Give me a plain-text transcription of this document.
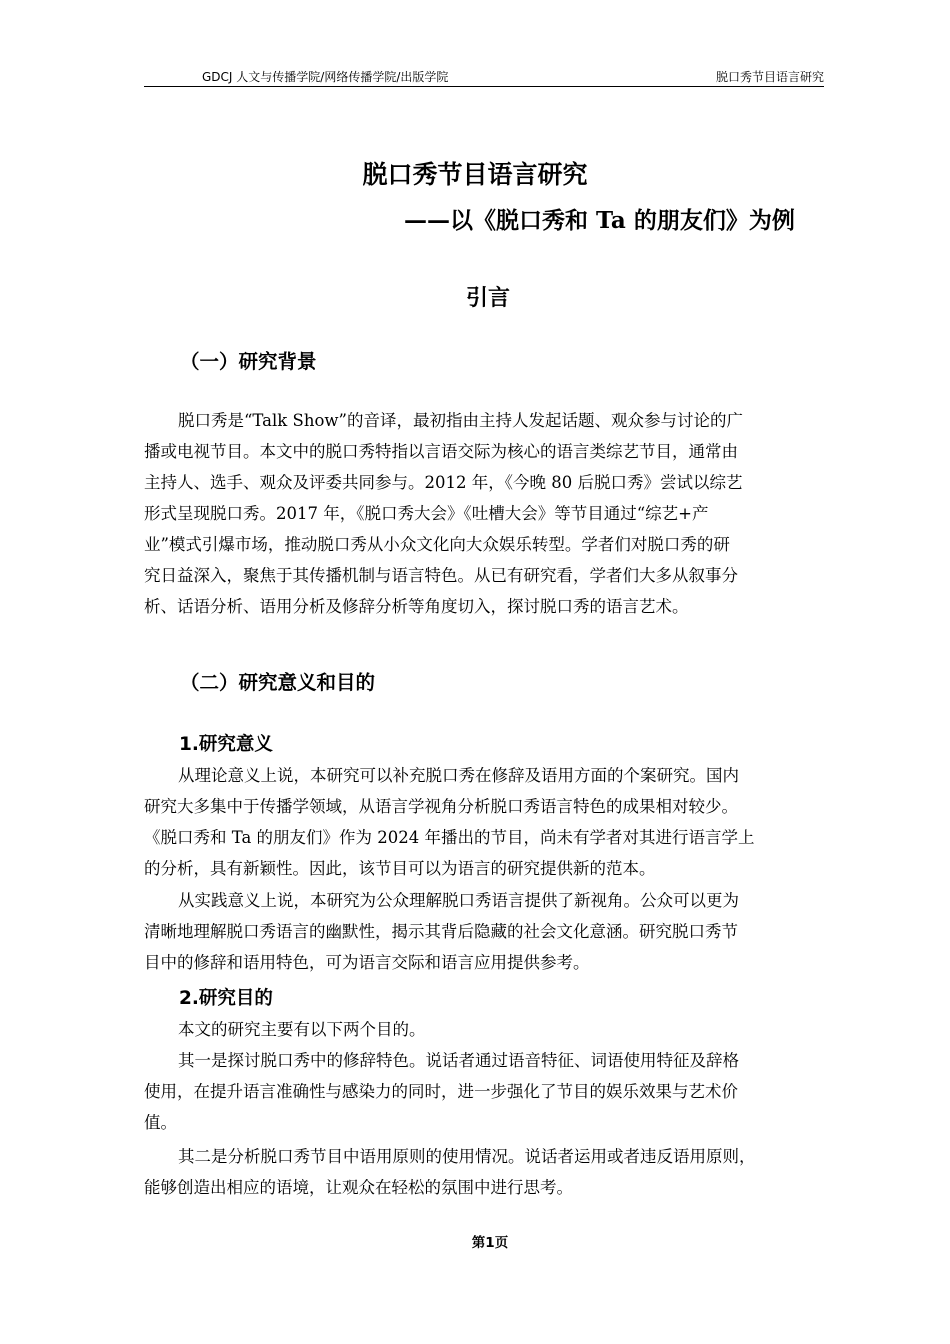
GDCJ 人文与传播学院/网络传播学院/出版学院	脱口秀节目语言研究
脱口秀节目语言研究
——以《脱口秀和 Ta 的朋友们》为例
引言
（一）研究背景
脱口秀是“Talk Show”的音译，最初指由主持人发起话题、观众参与讨论的广
播或电视节目。本文中的脱口秀特指以言语交际为核心的语言类综艺节目，通常由
主持人、选手、观众及评委共同参与。2012 年，《今晚 80 后脱口秀》尝试以综艺
形式呈现脱口秀。2017 年，《脱口秀大会》《吐槽大会》等节目通过“综艺+产
业”模式引爆市场，推动脱口秀从小众文化向大众娱乐转型。学者们对脱口秀的研
究日益深入，聚焦于其传播机制与语言特色。从已有研究看，学者们大多从叙事分
析、话语分析、语用分析及修辞分析等角度切入，探讨脱口秀的语言艺术。
（二）研究意义和目的
1.研究意义
从理论意义上说，本研究可以补充脱口秀在修辞及语用方面的个案研究。国内
研究大多集中于传播学领域，从语言学视角分析脱口秀语言特色的成果相对较少。
《脱口秀和 Ta 的朋友们》作为 2024 年播出的节目，尚未有学者对其进行语言学上
的分析，具有新颖性。因此，该节目可以为语言的研究提供新的范本。
从实践意义上说，本研究为公众理解脱口秀语言提供了新视角。公众可以更为
清晰地理解脱口秀语言的幽默性，揭示其背后隐藏的社会文化意涵。研究脱口秀节
目中的修辞和语用特色，可为语言交际和语言应用提供参考。
2.研究目的
本文的研究主要有以下两个目的。
其一是探讨脱口秀中的修辞特色。说话者通过语音特征、词语使用特征及辞格
使用，在提升语言准确性与感染力的同时，进一步强化了节目的娱乐效果与艺术价
值。
其二是分析脱口秀节目中语用原则的使用情况。说话者运用或者违反语用原则，
能够创造出相应的语境，让观众在轻松的氛围中进行思考。
第1页
